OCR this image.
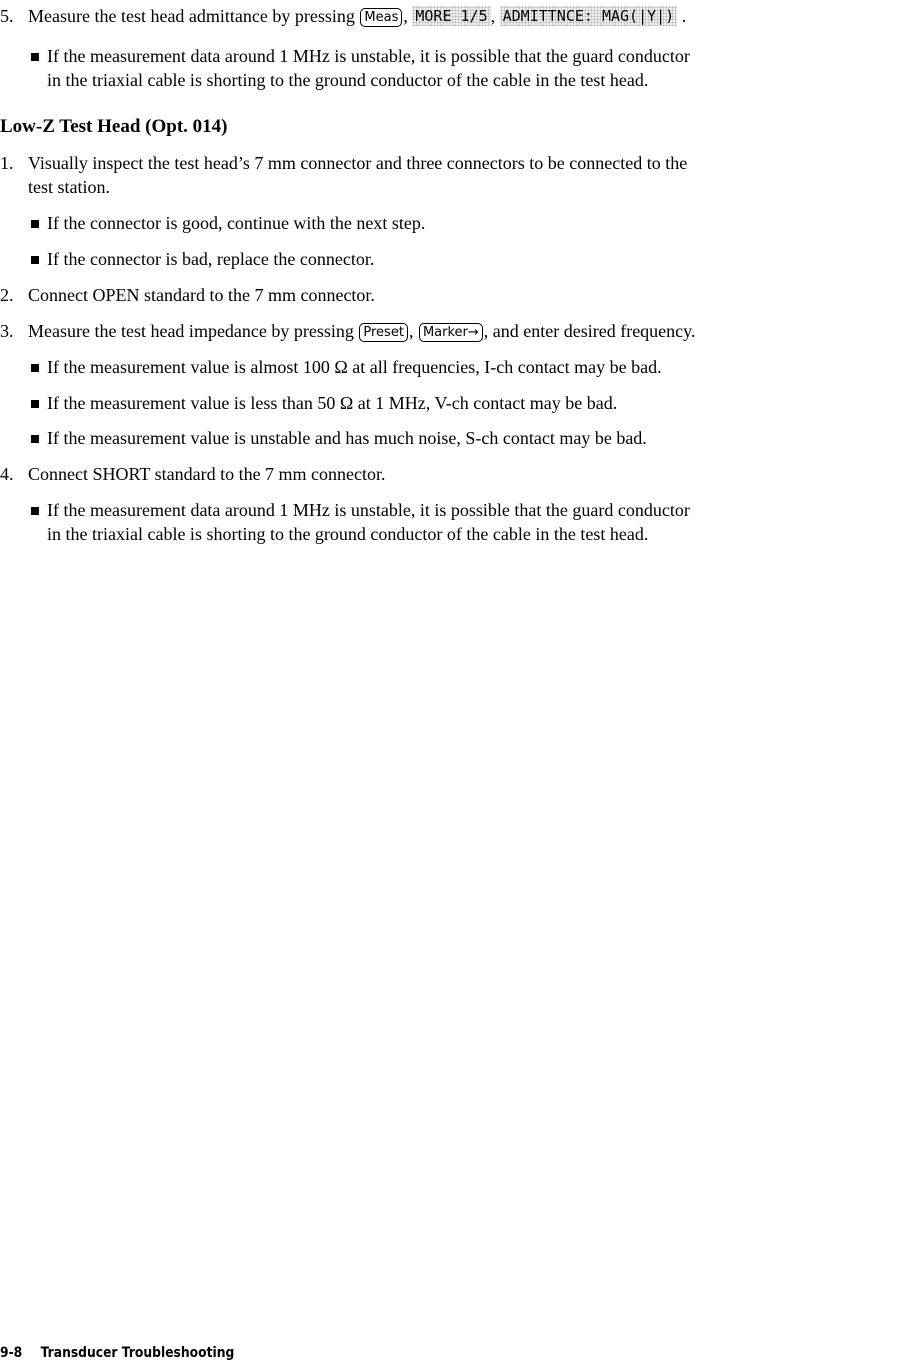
5. Measure the test head admittance by pressing Meas , MORE 1/5 , ADMITTNCE: MAG(|Y|) .
If the measurement data around 1 MHz is unstable, it is possible that the guard conductor
in the triaxial cable is shorting to the ground conductor of the cable in the test head.
Low-Z Test Head (Opt. 014)
1. Visually inspect the test head’s 7 mm connector and three connectors to be connected to the
test station.
If the connector is good, continue with the next step.
If the connector is bad, replace the connector.
2. Connect OPEN standard to the 7 mm connector.
3. Measure the test head impedance by pressing Preset , Marker→ , and enter desired frequency.
If the measurement value is almost 100 Ω at all frequencies, I-ch contact may be bad.
If the measurement value is less than 50 Ω at 1 MHz, V-ch contact may be bad.
If the measurement value is unstable and has much noise, S-ch contact may be bad.
4. Connect SHORT standard to the 7 mm connector.
If the measurement data around 1 MHz is unstable, it is possible that the guard conductor
in the triaxial cable is shorting to the ground conductor of the cable in the test head.
9-8 Transducer Troubleshooting
